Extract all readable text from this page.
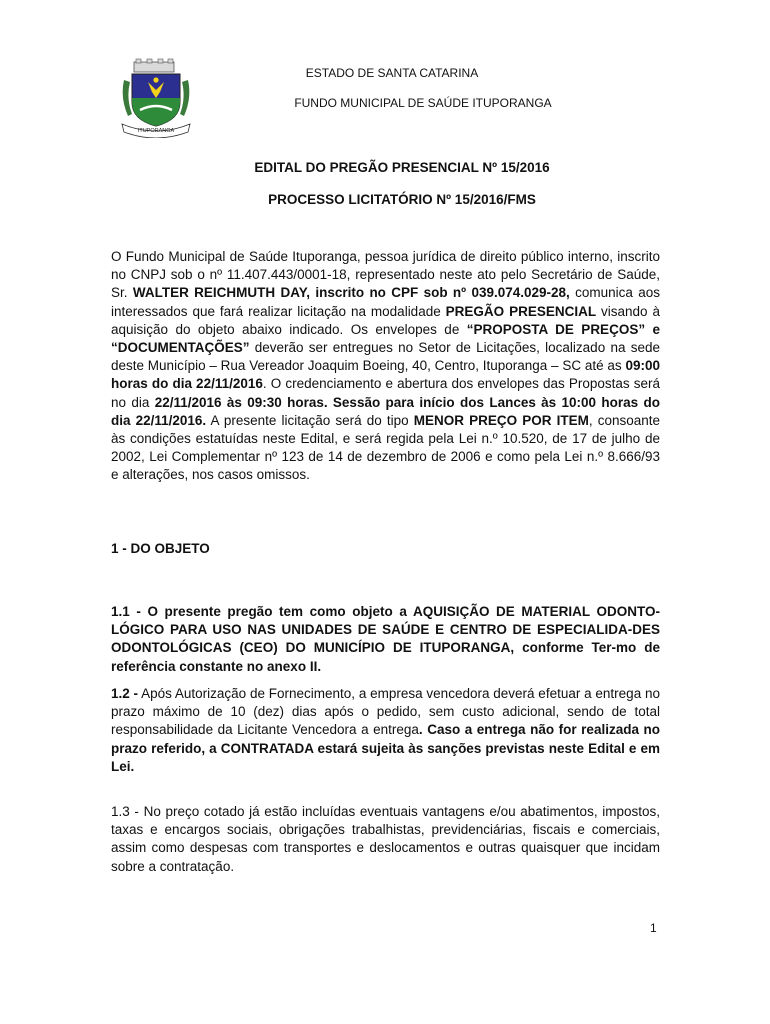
ITUPORANGA
ESTADO DE SANTA CATARINA
FUNDO MUNICIPAL DE SAÚDE ITUPORANGA
EDITAL DO PREGÃO PRESENCIAL Nº 15/2016
PROCESSO LICITATÓRIO Nº 15/2016/FMS

O Fundo Municipal de Saúde Ituporanga, pessoa jurídica de direito público interno, inscrito no CNPJ sob o nº 11.407.443/0001-18, representado neste ato pelo Secretário de Saúde, Sr. WALTER REICHMUTH DAY, inscrito no CPF sob nº 039.074.029-28, comunica aos interessados que fará realizar licitação na modalidade PREGÃO PRESENCIAL visando à aquisição do objeto abaixo indicado. Os envelopes de “PROPOSTA DE PREÇOS” e “DOCUMENTAÇÕES” deverão ser entregues no Setor de Licitações, localizado na sede deste Município – Rua Vereador Joaquim Boeing, 40, Centro, Ituporanga – SC até as 09:00 horas do dia 22/11/2016. O credenciamento e abertura dos envelopes das Propostas será no dia 22/11/2016 às 09:30 horas. Sessão para início dos Lances às 10:00 horas do dia 22/11/2016. A presente licitação será do tipo MENOR PREÇO POR ITEM, consoante às condições estatuídas neste Edital, e será regida pela Lei n.º 10.520, de 17 de julho de 2002, Lei Complementar nº 123 de 14 de dezembro de 2006 e como pela Lei n.º 8.666/93 e alterações, nos casos omissos.

1 - DO OBJETO

1.1 - O presente pregão tem como objeto a AQUISIÇÃO DE MATERIAL ODONTO-LÓGICO PARA USO NAS UNIDADES DE SAÚDE E CENTRO DE ESPECIALIDA-DES ODONTOLÓGICAS (CEO) DO MUNICÍPIO DE ITUPORANGA, conforme Ter-mo de referência constante no anexo II.

1.2 - Após Autorização de Fornecimento, a empresa vencedora deverá efetuar a entrega no prazo máximo de 10 (dez) dias após o pedido, sem custo adicional, sendo de total responsabilidade da Licitante Vencedora a entrega. Caso a entrega não for realizada no prazo referido, a CONTRATADA estará sujeita às sanções previstas neste Edital e em Lei.

1.3 - No preço cotado já estão incluídas eventuais vantagens e/ou abatimentos, impostos, taxas e encargos sociais, obrigações trabalhistas, previdenciárias, fiscais e comerciais, assim como despesas com transportes e deslocamentos e outras quaisquer que incidam sobre a contratação.

1
